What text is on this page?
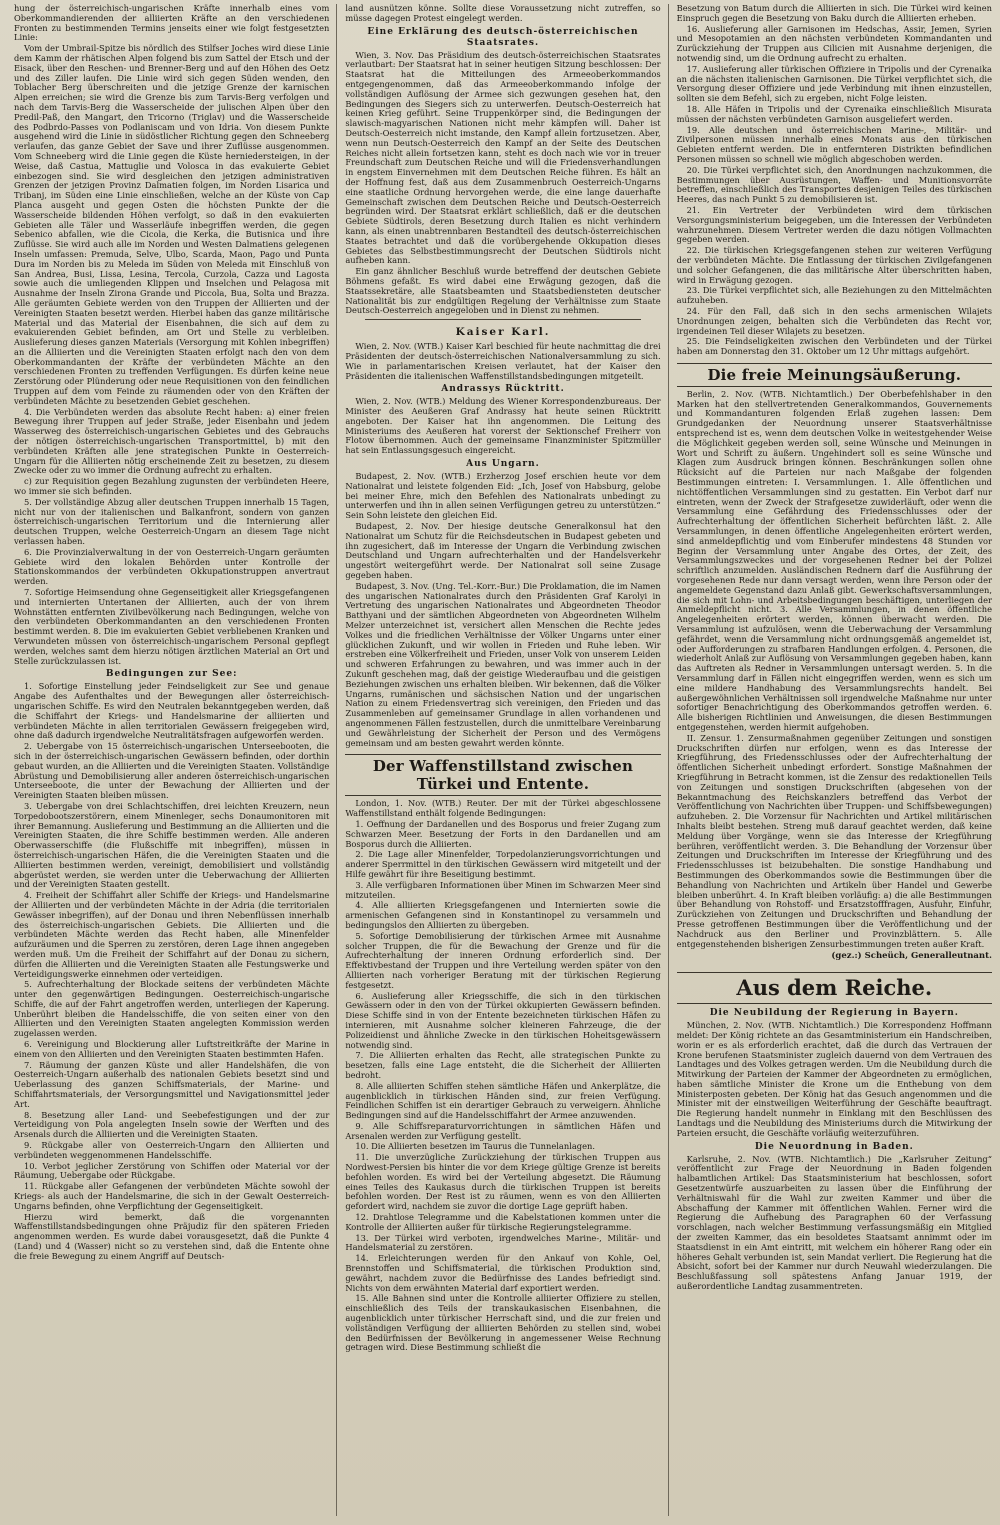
hung der österreichisch-ungarischen Kräfte innerhalb eines vom Oberkommandierenden der alliierten Kräfte an den verschiedenen Fronten zu bestimmenden Termins jenseits einer wie folgt festgesetzten Linie:

Vom der Umbrail-Spitze bis nördlich des Stilfser Joches wird diese Linie dem Kamm der rhätischen Alpen folgend bis zum Sattel der Etsch und der Eisack, über den Reschen- und Brenner-Berg und auf den Höhen des Oetz und des Ziller laufen. Die Linie wird sich gegen Süden wenden, den Toblacher Berg überschreiten und die jetzige Grenze der karnischen Alpen erreichen; sie wird die Grenze bis zum Tarvis-Berg verfolgen und nach dem Tarvis-Berg die Wasserscheide der julischen Alpen über den Predil-Paß, den Mangart, den Tricorno (Triglav) und die Wasserscheide des Podbrdo-Passes von Podlaniscam und von Idria. Von diesem Punkte ausgehend wird die Linie in südöstlicher Richtung gegen den Schneeberg verlaufen, das ganze Gebiet der Save und ihrer Zuflüsse ausgenommen. Vom Schneeberg wird die Linie gegen die Küste herniedersteigen, in der Weise, daß Castua, Mattuglie und Volosca in das evakuierte Gebiet einbezogen sind. Sie wird desgleichen den jetzigen administrativen Grenzen der jetzigen Provinz Dalmatien folgen, im Norden Lisarica und Tribanj, im Süden eine Linie einschließen, welche an der Küste von Cap Planca ausgeht und gegen Osten die höchsten Punkte der die Wasserscheide bildenden Höhen verfolgt, so daß in den evakuierten Gebieten alle Täler und Wasserläufe inbegriffen werden, die gegen Sebenico abfallen, wie die Cicola, die Kerka, die Butisnica und ihre Zuflüsse. Sie wird auch alle im Norden und Westen Dalmatiens gelegenen Inseln umfassen: Premuda, Selve, Ulbo, Scarda, Maon, Pago und Punta Dura im Norden bis zu Meleda im Süden von Meleda mit Einschluß von San Andrea, Busi, Lissa, Lesina, Tercola, Curzola, Cazza und Lagosta sowie auch die umliegenden Klippen und Inselchen und Pelagosa mit Ausnahme der Inseln Zirona Grande und Piccola, Bua, Solta und Brazza. Alle geräumten Gebiete werden von den Truppen der Alliierten und der Vereinigten Staaten besetzt werden. Hierbei haben das ganze militärische Material und das Material der Eisenbahnen, die sich auf dem zu evakuierenden Gebiet befinden, am Ort und Stelle zu verbleiben. Auslieferung dieses ganzen Materials (Versorgung mit Kohlen inbegriffen) an die Alliierten und die Vereinigten Staaten erfolgt nach den von dem Oberkommandanten der Kräfte der verbündeten Mächte an den verschiedenen Fronten zu treffenden Verfügungen. Es dürfen keine neue Zerstörung oder Plünderung oder neue Requisitionen von den feindlichen Truppen auf dem vom Feinde zu räumenden oder von den Kräften der verbündeten Mächte zu besetzenden Gebiet geschehen.

4. Die Verbündeten werden das absolute Recht haben: a) einer freien Bewegung ihrer Truppen auf jeder Straße, jeder Eisenbahn und jedem Wasserweg des österreichisch-ungarischen Gebietes und des Gebrauchs der nötigen österreichisch-ungarischen Transportmittel, b) mit den verbündeten Kräften alle jene strategischen Punkte in Oesterreich-Ungarn für die Alliierten nötig erscheinende Zeit zu besetzen, zu diesem Zwecke oder zu wo immer die Ordnung aufrecht zu erhalten.

c) zur Requisition gegen Bezahlung zugunsten der verbündeten Heere, wo immer sie sich befinden.

5. Der vollständige Abzug aller deutschen Truppen innerhalb 15 Tagen, nicht nur von der italienischen und Balkanfront, sondern von ganzen österreichisch-ungarischen Territorium und die Internierung aller deutschen Truppen, welche Oesterreich-Ungarn an diesem Tage nicht verlassen haben.

6. Die Provinzialverwaltung in der von Oesterreich-Ungarn geräumten Gebiete wird den lokalen Behörden unter Kontrolle der Stationskommandos der verbündeten Okkupationstruppen anvertraut werden.

7. Sofortige Heimsendung ohne Gegenseitigkeit aller Kriegsgefangenen und internierten Untertanen der Alliierten, auch der von ihrem Wohnstätten entfernten Zivilbevölkerung nach Bedingungen, welche von den verbündeten Oberkommandanten an den verschiedenen Fronten bestimmt werden. 8. Die im evakuierten Gebiet verbliebenen Kranken und Verwundeten müssen von österreichisch-ungarischem Personal gepflegt werden, welches samt dem hierzu nötigen ärztlichen Material an Ort und Stelle zurückzulassen ist.

Bedingungen zur See:

1. Sofortige Einstellung jeder Feindseligkeit zur See und genaue Angabe des Aufenthaltes und der Bewegungen aller österreichisch-ungarischen Schiffe. Es wird den Neutralen bekanntgegeben werden, daß die Schiffahrt der Kriegs- und Handelsmarine der alliierten und verbündeten Mächte in allen territorialen Gewässern freigegeben wird, ohne daß dadurch irgendwelche Neutralitätsfragen aufgeworfen werden.

2. Uebergabe von 15 österreichisch-ungarischen Unterseebooten, die sich in der österreichisch-ungarischen Gewässern befinden, oder dorthin gebaut wurden, an die Alliierten und die Vereinigten Staaten. Vollständige Abrüstung und Demobilisierung aller anderen österreichisch-ungarischen Unterseeboote, die unter der Bewachung der Alliierten und der Vereinigten Staaten bleiben müssen.

3. Uebergabe von drei Schlachtschiffen, drei leichten Kreuzern, neun Torpedobootszerstörern, einem Minenleger, sechs Donaumonitoren mit ihrer Bemannung. Auslieferung und Bestimmung an die Alliierten und die Vereinigten Staaten, die ihre Schiffe bestimmen werden. Alle anderen Oberwasserschiffe (die Flußschiffe mit inbegriffen), müssen in österreichisch-ungarischen Häfen, die die Vereinigten Staaten und die Alliierten bestimmen werden, vereinigt, demobilisiert und vollständig abgerüstet werden, sie werden unter die Ueberwachung der Alliierten und der Vereinigten Staaten gestellt.

4. Freiheit der Schiffahrt aller Schiffe der Kriegs- und Handelsmarine der Alliierten und der verbündeten Mächte in der Adria (die territorialen Gewässer inbegriffen), auf der Donau und ihren Nebenflüssen innerhalb des österreichisch-ungarischen Gebiets. Die Alliierten und die verbündeten Mächte werden das Recht haben, alle Minenfelder aufzuräumen und die Sperren zu zerstören, deren Lage ihnen angegeben werden muß. Um die Freiheit der Schiffahrt auf der Donau zu sichern, dürfen die Alliierten und die Vereinigten Staaten alle Festungswerke und Verteidigungswerke einnehmen oder verteidigen.

5. Aufrechterhaltung der Blockade seitens der verbündeten Mächte unter den gegenwärtigen Bedingungen. Oesterreichisch-ungarische Schiffe, die auf der Fahrt angetroffen werden, unterliegen der Kaperung. Unberührt bleiben die Handelsschiffe, die von seiten einer von den Alliierten und den Vereinigten Staaten angelegten Kommission werden zugelassen werden.

6. Vereinigung und Blockierung aller Luftstreitkräfte der Marine in einem von den Alliierten und den Vereinigten Staaten bestimmten Hafen.

7. Räumung der ganzen Küste und aller Handelshäfen, die von Oesterreich-Ungarn außerhalb des nationalen Gebiets besetzt sind und Ueberlassung des ganzen Schiffsmaterials, der Marine- und Schiffahrtsmaterials, der Versorgungsmittel und Navigationsmittel jeder Art.

8. Besetzung aller Land- und Seebefestigungen und der zur Verteidigung von Pola angelegten Inseln sowie der Werften und des Arsenals durch die Alliierten und die Vereinigten Staaten.

9. Rückgabe aller von Oesterreich-Ungarn den Alliierten und verbündeten weggenommenen Handelsschiffe.

10. Verbot jeglicher Zerstörung von Schiffen oder Material vor der Räumung, Uebergabe oder Rückgabe.

11. Rückgabe aller Gefangenen der verbündeten Mächte sowohl der Kriegs- als auch der Handelsmarine, die sich in der Gewalt Oesterreich-Ungarns befinden, ohne Verpflichtung der Gegenseitigkeit.

Hierzu wird bemerkt, daß die vorgenannten Waffenstillstandsbedingungen ohne Präjudiz für den späteren Frieden angenommen werden. Es wurde dabei vorausgesetzt, daß die Punkte 4 (Land) und 4 (Wasser) nicht so zu verstehen sind, daß die Entente ohne die freie Bewegung zu einem Angriff auf Deutsch-

land ausnützen könne. Sollte diese Voraussetzung nicht zutreffen, so müsse dagegen Protest eingelegt werden.

Eine Erklärung des deutsch-österreichischen Staatsrates.

Wien, 3. Nov. Das Präsidium des deutsch-österreichischen Staatsrates verlautbart: Der Staatsrat hat in seiner heutigen Sitzung beschlossen: Der Staatsrat hat die Mitteilungen des Armeeoberkommandos entgegengenommen, daß das Armeeoberkommando infolge der vollständigen Auflösung der Armee sich gezwungen gesehen hat, den Bedingungen des Siegers sich zu unterwerfen. Deutsch-Oesterreich hat keinen Krieg geführt. Seine Truppenkörper sind, die Bedingungen der slawisch-magyarischen Nationen nicht mehr kämpfen will. Daher ist Deutsch-Oesterreich nicht imstande, den Kampf allein fortzusetzen. Aber, wenn nun Deutsch-Oesterreich den Kampf an der Seite des Deutschen Reiches nicht allein fortsetzen kann, steht es doch nach wie vor in treuer Freundschaft zum Deutschen Reiche und will die Friedensverhandlungen in engstem Einvernehmen mit dem Deutschen Reiche führen. Es hält an der Hoffnung fest, daß aus dem Zusammenbruch Oesterreich-Ungarns eine staatliche Ordnung hervorgehen werde, die eine lange dauerhafte Gemeinschaft zwischen dem Deutschen Reiche und Deutsch-Oesterreich begründen wird. Der Staatsrat erklärt schließlich, daß er die deutschen Gebiete Südtirols, deren Besetzung durch Italien es nicht verhindern kann, als einen unabtrennbaren Bestandteil des deutsch-österreichischen Staates betrachtet und daß die vorübergehende Okkupation dieses Gebietes das Selbstbestimmungsrecht der Deutschen Südtirols nicht aufheben kann.

Ein ganz ähnlicher Beschluß wurde betreffend der deutschen Gebiete Böhmens gefaßt. Es wird dabei eine Erwägung gezogen, daß die Staatssekretäre, alle Staatsbeamten und Staatsbediensteten deutscher Nationalität bis zur endgültigen Regelung der Verhältnisse zum Staate Deutsch-Oesterreich angegeloben und in Dienst zu nehmen.

Kaiser Karl.

Wien, 2. Nov. (WTB.) Kaiser Karl beschied für heute nachmittag die drei Präsidenten der deutsch-österreichischen Nationalversammlung zu sich. Wie in parlamentarischen Kreisen verlautet, hat der Kaiser den Präsidenten die italienischen Waffenstillstandsbedingungen mitgeteilt.

Andrassys Rücktritt.

Wien, 2. Nov. (WTB.) Meldung des Wiener Korrespondenzbureaus. Der Minister des Aeußeren Graf Andrassy hat heute seinen Rücktritt angeboten. Der Kaiser hat ihn angenommen. Die Leitung des Ministeriums des Aeußeren hat vorerst der Sektionschef Freiherr von Flotow übernommen. Auch der gemeinsame Finanzminister Spitzmüller hat sein Entlassungsgesuch eingereicht.

Aus Ungarn.

Budapest, 2. Nov. (WTB.) Erzherzog Josef erschien heute vor dem Nationalrat und leistete folgenden Eid: „Ich, Josef von Habsburg, gelobe bei meiner Ehre, mich den Befehlen des Nationalrats unbedingt zu unterwerfen und ihn in allen seinen Verfügungen getreu zu unterstützen.“ Sein Sohn leistete den gleichen Eid.

Budapest, 2. Nov. Der hiesige deutsche Generalkonsul hat den Nationalrat um Schutz für die Reichsdeutschen in Budapest gebeten und ihn zugesichert, daß im Interesse der Ungarn die Verbindung zwischen Deutschland und Ungarn aufrechterhalten und der Handelsverkehr ungestört weitergeführt werde. Der Nationalrat soll seine Zusage gegeben haben.

Budapest, 3. Nov. (Ung. Tel.-Korr.-Bur.) Die Proklamation, die im Namen des ungarischen Nationalrates durch den Präsidenten Graf Karolyi in Vertretung des ungarischen Nationalrates und Abgeordneten Theodor Batthyani und der sämtlichen Abgeordneten von Abgeordneten Wilhelm Melzer unterzeichnet ist, versichert allen Menschen die Rechte jedes Volkes und die friedlichen Verhältnisse der Völker Ungarns unter einer glücklichen Zukunft, und wir wollen in Frieden und Ruhe leben. Wir erstreben eine Völkerfreiheit und Frieden, unser Volk von unserem Leiden und schweren Erfahrungen zu bewahren, und was immer auch in der Zukunft geschehen mag, daß der geistige Wiederaufbau und die geistigen Beziehungen zwischen uns erhalten bleiben. Wir bekennen, daß die Völker Ungarns, rumänischen und sächsischen Nation und der ungarischen Nation zu einem Friedensvertrag sich vereinigen, den Frieden und das Zusammenleben auf gemeinsamer Grundlage in allen vorhandenen und angenommenen Fällen festzustellen, durch die unmittelbare Vereinbarung und Gewährleistung der Sicherheit der Person und des Vermögens gemeinsam und am besten gewahrt werden könnte.

Der Waffenstillstand zwischen Türkei und Entente.

London, 1. Nov. (WTB.) Reuter. Der mit der Türkei abgeschlossene Waffenstillstand enthält folgende Bedingungen:

1. Oeffnung der Dardanellen und des Bosporus und freier Zugang zum Schwarzen Meer. Besetzung der Forts in den Dardanellen und am Bosporus durch die Alliierten.

2. Die Lage aller Minenfelder, Torpedolanzierungsvorrichtungen und anderer Sperrmittel in den türkischen Gewässern wird mitgeteilt und der Hilfe gewährt für ihre Beseitigung bestimmt.

3. Alle verfügbaren Informationen über Minen im Schwarzen Meer sind mitzuteilen.

4. Alle alliierten Kriegsgefangenen und Internierten sowie die armenischen Gefangenen sind in Konstantinopel zu versammeln und bedingungslos den Alliierten zu übergeben.

5. Sofortige Demobilisierung der türkischen Armee mit Ausnahme solcher Truppen, die für die Bewachung der Grenze und für die Aufrechterhaltung der inneren Ordnung erforderlich sind. Der Effektivbestand der Truppen und ihre Verteilung werden später von den Alliierten nach vorheriger Beratung mit der türkischen Regierung festgesetzt.

6. Auslieferung aller Kriegsschiffe, die sich in den türkischen Gewässern oder in den von der Türkei okkupierten Gewässern befinden. Diese Schiffe sind in von der Entente bezeichneten türkischen Häfen zu internieren, mit Ausnahme solcher kleineren Fahrzeuge, die der Polizeidienst und ähnliche Zwecke in den türkischen Hoheitsgewässern notwendig sind.

7. Die Alliierten erhalten das Recht, alle strategischen Punkte zu besetzen, falls eine Lage entsteht, die die Sicherheit der Alliierten bedroht.

8. Alle alliierten Schiffen stehen sämtliche Häfen und Ankerplätze, die augenblicklich in türkischen Händen sind, zur freien Verfügung. Feindlichen Schiffen ist ein derartiger Gebrauch zu verweigern. Ähnliche Bedingungen sind auf die Handelsschiffahrt der Armee anzuwenden.

9. Alle Schiffsreparaturvorrichtungen in sämtlichen Häfen und Arsenalen werden zur Verfügung gestellt.

10. Die Alliierten besetzen im Taurus die Tunnelanlagen.

11. Die unverzügliche Zurückziehung der türkischen Truppen aus Nordwest-Persien bis hinter die vor dem Kriege gültige Grenze ist bereits befohlen worden. Es wird bei der Verteilung abgesetzt. Die Räumung eines Teiles des Kaukasus durch die türkischen Truppen ist bereits befohlen worden. Der Rest ist zu räumen, wenn es von den Alliierten gefordert wird, nachdem sie zuvor die dortige Lage geprüft haben.

12. Drahtlose Telegramme und die Kabelstationen kommen unter die Kontrolle der Alliierten außer für türkische Regierungstelegramme.

13. Der Türkei wird verboten, irgendwelches Marine-, Militär- und Handelsmaterial zu zerstören.

14. Erleichterungen werden für den Ankauf von Kohle, Oel, Brennstoffen und Schiffsmaterial, die türkischen Produktion sind, gewährt, nachdem zuvor die Bedürfnisse des Landes befriedigt sind. Nichts von dem erwähnten Material darf exportiert werden.

15. Alle Bahnen sind unter die Kontrolle alliierter Offiziere zu stellen, einschließlich des Teils der transkaukasischen Eisenbahnen, die augenblicklich unter türkischer Herrschaft sind, und die zur freien und vollständigen Verfügung der alliierten Behörden zu stellen sind, wobei den Bedürfnissen der Bevölkerung in angemessener Weise Rechnung getragen wird. Diese Bestimmung schließt die

Besetzung von Batum durch die Alliierten in sich. Die Türkei wird keinen Einspruch gegen die Besetzung von Baku durch die Alliierten erheben.

16. Auslieferung aller Garnisonen im Hedschas, Assir, Jemen, Syrien und Mesopotamien an den nächsten verbündeten Kommandanten und Zurückziehung der Truppen aus Cilicien mit Ausnahme derjenigen, die notwendig sind, um die Ordnung aufrecht zu erhalten.

17. Auslieferung aller türkischen Offiziere in Tripolis und der Cyrenaika an die nächsten italienischen Garnisonen. Die Türkei verpflichtet sich, die Versorgung dieser Offiziere und jede Verbindung mit ihnen einzustellen, sollten sie dem Befehl, sich zu ergeben, nicht Folge leisten.

18. Alle Häfen in Tripolis und der Cyrenaika einschließlich Misurata müssen der nächsten verbündeten Garnison ausgeliefert werden.

19. Alle deutschen und österreichischen Marine-, Militär- und Zivilpersonen müssen innerhalb eines Monats aus den türkischen Gebieten entfernt werden. Die in entfernteren Distrikten befindlichen Personen müssen so schnell wie möglich abgeschoben werden.

20. Die Türkei verpflichtet sich, den Anordnungen nachzukommen, die Bestimmungen über Ausrüstungen, Waffen- und Munitionsvorräte betreffen, einschließlich des Transportes desjenigen Teiles des türkischen Heeres, das nach Punkt 5 zu demobilisieren ist.

21. Ein Vertreter der Verbündeten wird dem türkischen Versorgungsministerium beigegeben, um die Interessen der Verbündeten wahrzunehmen. Diesem Vertreter werden die dazu nötigen Vollmachten gegeben werden.

22. Die türkischen Kriegsgefangenen stehen zur weiteren Verfügung der verbündeten Mächte. Die Entlassung der türkischen Zivilgefangenen und solcher Gefangenen, die das militärische Alter überschritten haben, wird in Erwägung gezogen.

23. Die Türkei verpflichtet sich, alle Beziehungen zu den Mittelmächten aufzuheben.

24. Für den Fall, daß sich in den sechs armenischen Wilajets Unordnungen zeigen, behalten sich die Verbündeten das Recht vor, irgendeinen Teil dieser Wilajets zu besetzen.

25. Die Feindseligkeiten zwischen den Verbündeten und der Türkei haben am Donnerstag den 31. Oktober um 12 Uhr mittags aufgehört.

Die freie Meinungsäußerung.

Berlin, 2. Nov. (WTB. Nichtamtlich.) Der Oberbefehlshaber in den Marken hat den stellvertretenden Generalkommandos, Gouvernements und Kommandanturen folgenden Erlaß zugehen lassen: Dem Grundgedanken der Neuordnung unserer Staatsverhältnisse entsprechend ist es, wenn dem deutschen Volke in weitestgehender Weise die Möglichkeit gegeben werden soll, seine Wünsche und Meinungen in Wort und Schrift zu äußern. Ungehindert soll es seine Wünsche und Klagen zum Ausdruck bringen können. Beschränkungen sollen ohne Rücksicht auf die Parteien nur nach Maßgabe der folgenden Bestimmungen eintreten: I. Versammlungen. 1. Alle öffentlichen und nichtöffentlichen Versammlungen sind zu gestatten. Ein Verbot darf nur eintreten, wenn der Zweck der Strafgesetze zuwiderläuft, oder wenn die Versammlung eine Gefährdung des Friedensschlusses oder der Aufrechterhaltung der öffentlichen Sicherheit befürchten läßt. 2. Alle Versammlungen, in denen öffentliche Angelegenheiten erörtert werden, sind anmeldepflichtig und vom Einberufer mindestens 48 Stunden vor Beginn der Versammlung unter Angabe des Ortes, der Zeit, des Versammlungszweckes und der vorgesehenen Redner bei der Polizei schriftlich anzumelden. Ausländischen Rednern darf die Ausführung der vorgesehenen Rede nur dann versagt werden, wenn ihre Person oder der angemeldete Gegenstand dazu Anlaß gibt. Gewerkschaftsversammlungen, die sich mit Lohn- und Arbeitsbedingungen beschäftigen, unterliegen der Anmeldepflicht nicht. 3. Alle Versammlungen, in denen öffentliche Angelegenheiten erörtert werden, können überwacht werden. Die Versammlung ist aufzulösen, wenn die Ueberwachung der Versammlung gefährdet, wenn die Versammlung nicht ordnungsgemäß angemeldet ist, oder Aufforderungen zu strafbaren Handlungen erfolgen. 4. Personen, die wiederholt Anlaß zur Auflösung von Versammlungen gegeben haben, kann das Auftreten als Redner in Versammlungen untersagt werden. 5. In die Versammlung darf in Fällen nicht eingegriffen werden, wenn es sich um eine mildere Handhabung des Versammlungsrechts handelt. Bei außergewöhnlichen Verhältnissen soll irgendwelche Maßnahme nur unter sofortiger Benachrichtigung des Oberkommandos getroffen werden. 6. Alle bisherigen Richtlinien und Anweisungen, die diesen Bestimmungen entgegenstehen, werden hiermit aufgehoben.

II. Zensur. 1. Zensurmaßnahmen gegenüber Zeitungen und sonstigen Druckschriften dürfen nur erfolgen, wenn es das Interesse der Kriegführung, des Friedensschlusses oder der Aufrechterhaltung der öffentlichen Sicherheit unbedingt erfordert. Sonstige Maßnahmen der Kriegführung in Betracht kommen, ist die Zensur des redaktionellen Teils von Zeitungen und sonstigen Druckschriften (abgesehen von der Bekanntmachung des Reichskanzlers betreffend das Verbot der Veröffentlichung von Nachrichten über Truppen- und Schiffsbewegungen) aufzuheben. 2. Die Vorzensur für Nachrichten und Artikel militärischen Inhalts bleibt bestehen. Streng muß darauf geachtet werden, daß keine Meldung über Vorgänge, wenn sie das Interesse der Kriegführung berühren, veröffentlicht werden. 3. Die Behandlung der Vorzensur über Zeitungen und Druckschriften im Interesse der Kriegführung und des Friedensschlusses ist beizubehalten. Die sonstige Handhabung und Bestimmungen des Oberkommandos sowie die Bestimmungen über die Behandlung von Nachrichten und Artikeln über Handel und Gewerbe bleiben unberührt. 4. In Kraft bleiben vorläufig: a) die alle Bestimmungen über Behandlung von Rohstoff- und Ersatzstofffragen, Ausfuhr, Einfuhr, Zurückziehen von Zeitungen und Druckschriften und Behandlung der Presse getroffenen Bestimmungen über die Veröffentlichung und der Nachdruck aus den Berliner und Provinzblättern. 5. Alle entgegenstehenden bisherigen Zensurbestimmungen treten außer Kraft.

(gez.:) Scheüch, Generalleutnant.
Aus dem Reiche.
Die Neubildung der Regierung in Bayern.

München, 2. Nov. (WTB. Nichtamtlich.) Die Korrespondenz Hoffmann meldet: Der König richtete an das Gesamtministerium ein Handschreiben, worin er es als erforderlich erachtet, daß die durch das Vertrauen der Krone berufenen Staatsminister zugleich dauernd von dem Vertrauen des Landtages und des Volkes getragen werden. Um die Neubildung durch die Mitwirkung der Parteien der Kammer der Abgeordneten zu ermöglichen, haben sämtliche Minister die Krone um die Enthebung von dem Ministerposten gebeten. Der König hat das Gesuch angenommen und die Minister mit der einstweiligen Weiterführung der Geschäfte beauftragt. Die Regierung handelt nunmehr in Einklang mit den Beschlüssen des Landtags und die Neubildung des Ministeriums durch die Mitwirkung der Parteien ersucht, die Geschäfte vorläufig weiterzuführen.

Die Neuordnung in Baden.

Karlsruhe, 2. Nov. (WTB. Nichtamtlich.) Die „Karlsruher Zeitung“ veröffentlicht zur Frage der Neuordnung in Baden folgenden halbamtlichen Artikel: Das Staatsministerium hat beschlossen, sofort Gesetzentwürfe auszuarbeiten zu lassen über die Einführung der Verhältniswahl für die Wahl zur zweiten Kammer und über die Abschaffung der Kammer mit öffentlichen Wahlen. Ferner wird die Regierung die Aufhebung des Paragraphen 60 der Verfassung vorschlagen, nach welcher Bestimmung verfassungsmäßig ein Mitglied der zweiten Kammer, das ein besoldetes Staatsamt annimmt oder im Staatsdienst in ein Amt eintritt, mit welchem ein höherer Rang oder ein höheres Gehalt verbunden ist, sein Mandat verliert. Die Regierung hat die Absicht, sofort bei der Kammer nur durch Neuwahl wiederzulangen. Die Beschlußfassung soll spätestens Anfang Januar 1919, der außerordentliche Landtag zusammentreten.
